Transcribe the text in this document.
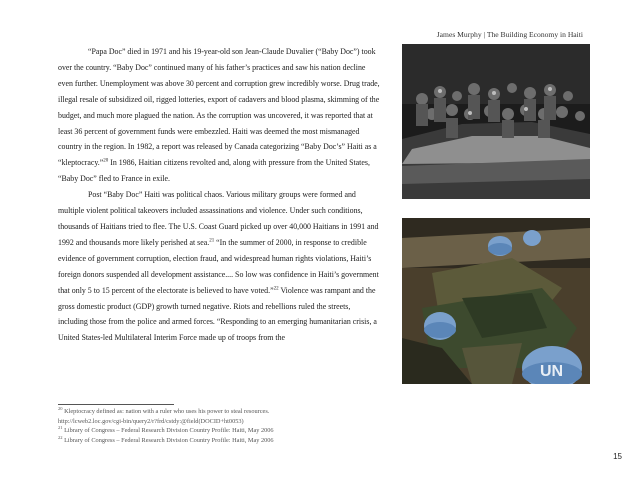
James Murphy | The Building Economy in Haiti

“Papa Doc” died in 1971 and his 19-year-old son Jean-Claude Duvalier (“Baby Doc”) took over the country. “Baby Doc” continued many of his father’s practices and saw his nation decline even further. Unemployment was above 30 percent and corruption grew incredibly worse. Drug trade, illegal resale of subsidized oil, rigged lotteries, export of cadavers and blood plasma, skimming of the budget, and much more plagued the nation. As the corruption was uncovered, it was reported that at least 36 percent of government funds were embezzled. Haiti was deemed the most mismanaged country in the region. In 1982, a report was released by Canada categorizing “Baby Doc’s” Haiti as a “kleptocracy.”$^{20}$ In 1986, Haitian citizens revolted and, along with pressure from the United States, “Baby Doc” fled to France in exile.

Post “Baby Doc” Haiti was political chaos. Various military groups were formed and multiple violent political takeovers included assassinations and violence. Under such conditions, thousands of Haitians tried to flee. The U.S. Coast Guard picked up over 40,000 Haitians in 1991 and 1992 and thousands more likely perished at sea.$^{21}$ “In the summer of 2000, in response to credible evidence of government corruption, election fraud, and widespread human rights violations, Haiti’s foreign donors suspended all development assistance.... So low was confidence in Haiti’s government that only 5 to 15 percent of the electorate is believed to have voted.”$^{22}$ Violence was rampant and the gross domestic product (GDP) growth turned negative. Riots and rebellions ruled the streets, including those from the police and armed forces. “Responding to an emerging humanitarian crisis, a United States-led Multilateral Interim Force made up of troops from the

UN
$^{20}$ Kleptocracy defined as: nation with a ruler who uses his power to steal resources.
http://lcweb2.loc.gov/cgi-bin/query2/r?frd/cstdy:@field(DOCID+ht0053)
$^{21}$ Library of Congress – Federal Research Division Country Profile: Haiti, May 2006
$^{22}$ Library of Congress – Federal Research Division Country Profile: Haiti, May 2006
15
